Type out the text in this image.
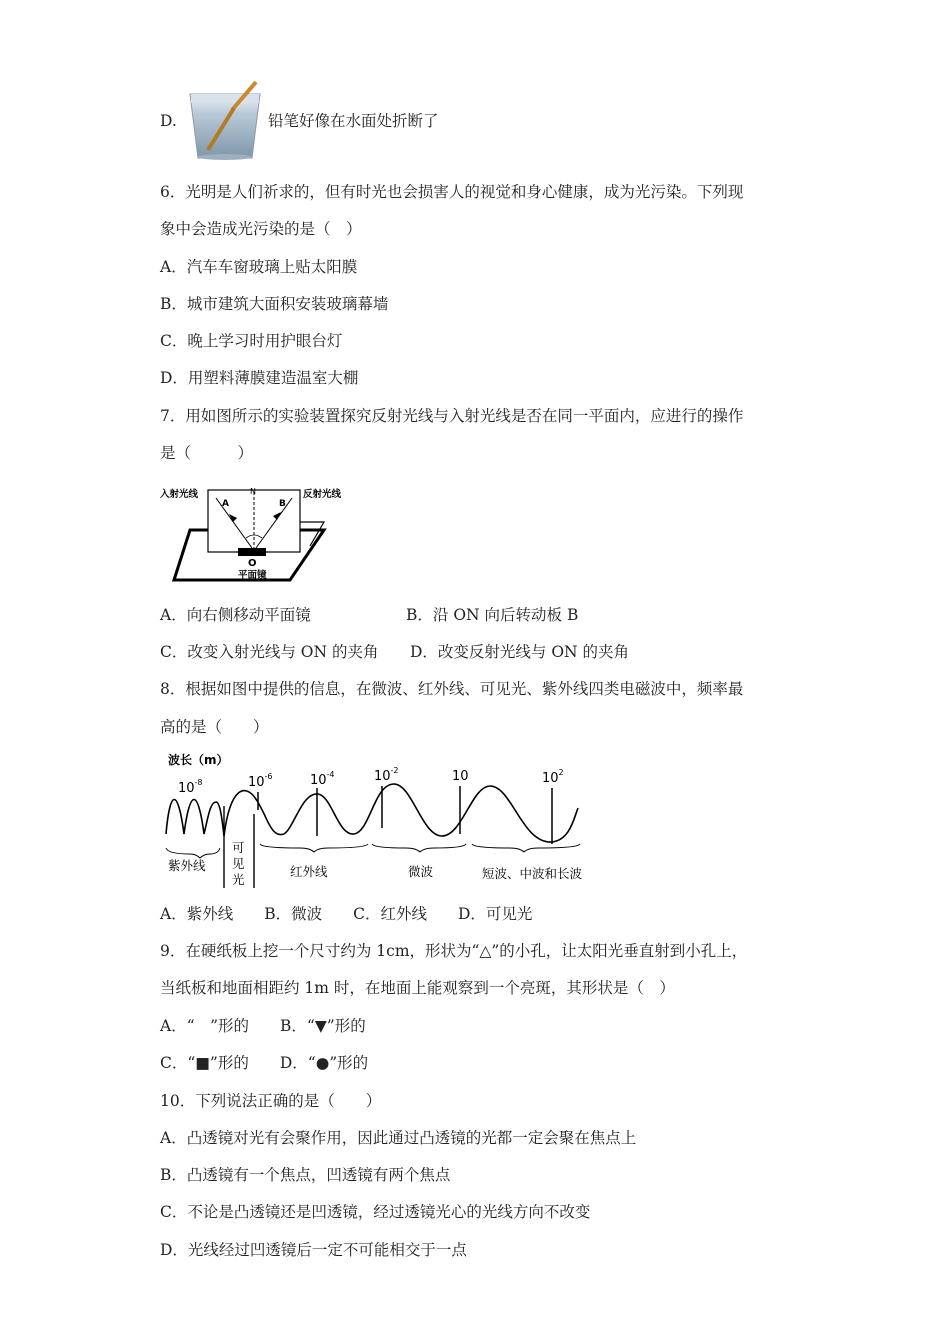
D.	铅笔好像在水面处折断了
6．光明是人们祈求的，但有时光也会损害人的视觉和身心健康，成为光污染。下列现
象中会造成光污染的是（　）
A．汽车车窗玻璃上贴太阳膜
B．城市建筑大面积安装玻璃幕墙
C．晚上学习时用护眼台灯
D．用塑料薄膜建造温室大棚
7．用如图所示的实验装置探究反射光线与入射光线是否在同一平面内，应进行的操作
是（　　　）
入射光线
A
N
B
反射光线
O
平面镜
A．向右侧移动平面镜	B．沿 ON 向后转动板 B
C．改变入射光线与 ON 的夹角 D．改变反射光线与 ON 的夹角
8．根据如图中提供的信息，在微波、红外线、可见光、紫外线四类电磁波中，频率最
高的是（　　）
波长（m）
$10^{-8}$	$10^{-6}$	$10^{-4}$	$10^{-2}$	10	$10^2$
紫外线
可
见
光
红外线	微波	短波、中波和长波
A．紫外线　　B．微波　　C．红外线　　D．可见光
9．在硬纸板上挖一个尺寸约为 1cm，形状为“△”的小孔，让太阳光垂直射到小孔上，
当纸板和地面相距约 1m 时，在地面上能观察到一个亮斑，其形状是（　）
A．“　”形的　　B．“▼”形的
C．“■”形的　　D．“●”形的
10．下列说法正确的是（　　）
A．凸透镜对光有会聚作用，因此通过凸透镜的光都一定会聚在焦点上
B．凸透镜有一个焦点，凹透镜有两个焦点
C．不论是凸透镜还是凹透镜，经过透镜光心的光线方向不改变
D．光线经过凹透镜后一定不可能相交于一点
